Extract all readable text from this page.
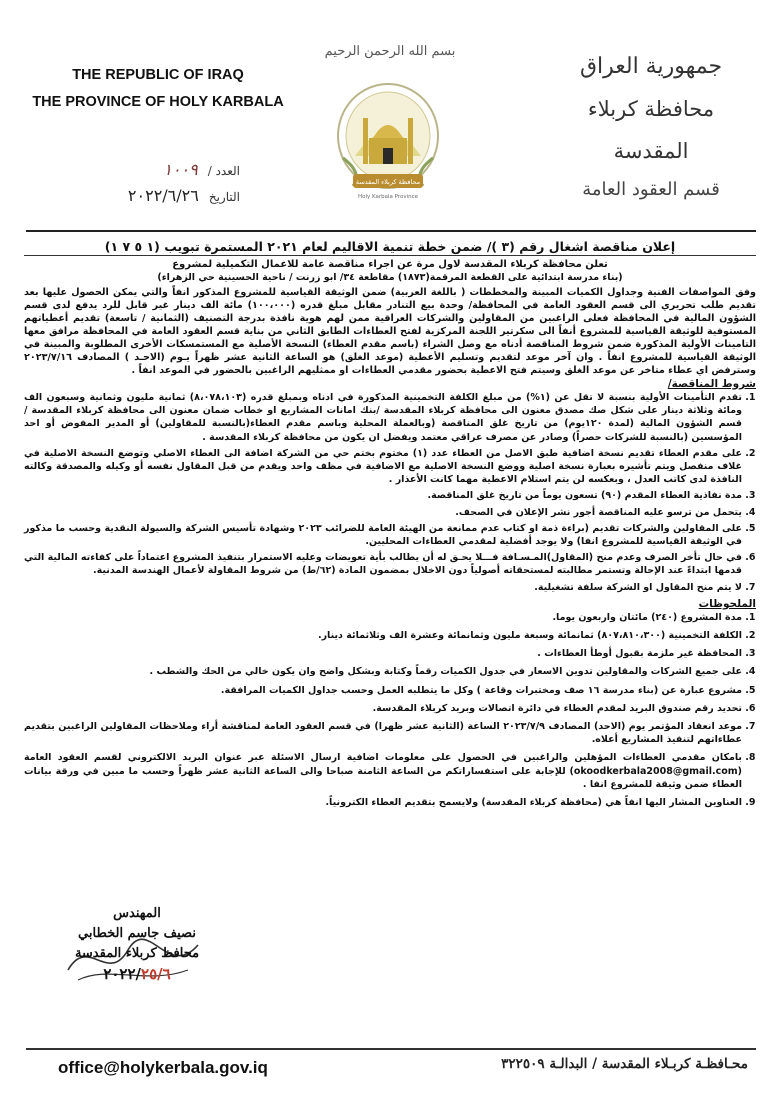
THE REPUBLIC OF IRAQ
THE PROVINCE OF HOLY KARBALA
بسم الله الرحمن الرحيم
محافظة كربلاء المقدسة
Holy Karbala Province
جمهورية العراق
محافظة كربلاء المقدسة
قسم العقود العامة
العدد /
١٠٠٩
التاريخ
٢٠٢٢/٦/٢٦
إعلان مناقصة اشغال رقم (٣ )/ ضمن خطة تنمية الاقاليم لعام ٢٠٢١ المستمرة تبويب (١ ٥ ٧ ١)

تعلن محافظة كربلاء المقدسة لاول مرة عن اجراء مناقصة عامة للاعمال التكميلية لمشروع

(بناء مدرسة ابتدائية على القطعة المرقمة(١٨٧٣) مقاطعة ٣٤/ ابو زرنت / ناحية الحسينية حي الزهراء)

وفق المواصفات الفنية وجداول الكميات المبينة والمخططات ( باللغة العربية) ضمن الوثيقة القياسية للمشروع المذكور انفاً والتي يمكن الحصول عليها بعد تقديم طلب تحريري الى قسم العقود العامة في المحافظة/ وحدة بيع التنادر مقابل مبلغ قدره (١٠٠،٠٠٠) مائة الف دينار غير قابل للرد يدفع لدى قسم الشؤون المالية في المحافظة فعلى الراغبين من المقاولين والشركات العراقية ممن لهم هوية نافذة بدرجة التصنيف (الثمانية / تاسعة) تقديم أعطياتهم المستوفية للوثيقة القياسية للمشروع أنفاً الى سكرتير اللجنة المركزية لفتح العطاءات الطابق الثاني من بناية قسم العقود العامة في المحافظة مرافق معها التامينات الأولية المذكورة ضمن شروط المناقصة أدناه مع وصل الشراء (باسم مقدم العطاء) النسخة الأصلية مع المستمسكات الأخرى المطلوبة والمبينة في الوثيقة القياسية للمشروع انفاً . وان آخر موعد لتقديم وتسليم الأعطية (موعد الغلق) هو الساعة الثانية عشر ظهراً يـوم (الاحـد ) المصادف ٢٠٢٣/٧/١٦ وسترفض اي عطاء متاخر عن موعد الغلق وسيتم فتح الاعطية بحضور مقدمي العطاءات او ممثليهم الراغبين بالحضور في الموعد انفاً .

شروط المناقصة/

1. تقدم التأمينات الأولية بنسبة لا تقل عن (١%) من مبلغ الكلفة التخمينية المذكورة في ادناه وبمبلغ قدره (٨،٠٧٨،١٠٣) ثمانية مليون وثمانية وسبعون الف ومائة وثلاثة دينار على شكل صك مصدق معنون الى محافظة كربلاء المقدسة /بنك امانات المشاريع او خطاب ضمان معنون الى محافظة كربلاء المقدسة / قسم الشؤون المالية (لمدة ١٢٠يوم) من تاريخ غلق المناقصة (وبالعملة المحلية وباسم مقدم العطاء(بالنسبة للمقاولين) أو المدير المفوض أو احد المؤسسين (بالنسبة للشركات حصراً) وصادر عن مصرف عراقي معتمد ويفضل ان يكون من محافظة كربلاء المقدسة .
2. على مقدم العطاء تقديم نسخة اضافية طبق الاصل من العطاء عدد (١) مختوم بختم حي من الشركة اضافة الى العطاء الاصلي وتوضع النسخة الاصلية في غلاف منفصل ويتم تأشيره بعبارة نسخة اصلية ووضع النسخة الاصلية مع الاضافية في مظف واحد ويقدم من قبل المقاول نفسه أو وكيله والمصدقة وكالته النافذة لدى كاتب العدل ، وبعكسه لن يتم استلام الاعطية مهما كانت الأعذار .
3. مدة نفاذية العطاء المقدم (٩٠) تسعون يوماً من تاريخ غلق المناقصة.
4. يتحمل من ترسو عليه المناقصة أجور نشر الإعلان في الصحف.
5. على المقاولين والشركات تقديم (براءة ذمة او كتاب عدم ممانعة من الهيئة العامة للضرائب ٢٠٢٣ وشهادة تأسيس الشركة والسيولة النقدية وحسب ما مذكور في الوثيقة القياسية للمشروع انفا) ولا يوجد أفضلية لمقدمي العطاءات المحليين.
6. في حال تأخر الصرف وعدم منح (المقاول)المـسـافة فـــلا يحـق له أن يطالب بأية تعويضات وعليه الاستمرار بتنفيذ المشروع اعتماداً على كفاءته المالية التي قدمها ابتداءً عند الإحالة وتستمر مطالبته لمستحقاته أصولياً دون الاخلال بمضمون المادة (٦٢/ط) من شروط المقاولة لأعمال الهندسة المدنية.
7. لا يتم منح المقاول او الشركة سلفة تشغيلية.

الملحوظات

1. مدة المشروع (٢٤٠) مائتان واربعون يوما.
2. الكلفة التخمينية (٨٠٧،٨١٠،٣٠٠) ثمانمائة وسبعة مليون وثمانمائة وعشرة الف وثلاثمائة دينار.
3. المحافظة غير ملزمة بقبول أوطأ العطاءات .
4. على جميع الشركات والمقاولين تدوين الاسعار في جدول الكميات رقماً وكتابة وبشكل واضح وان يكون خالي من الحك والشطب .
5. مشروع عبارة عن (بناء مدرسة ١٦ صف ومختبرات وقاعة ) وكل ما يتطلبه العمل وحسب جداول الكميات المرافقة.
6. تحديد رقم صندوق البريد لمقدم العطاء في دائرة اتصالات وبريد كربلاء المقدسة.
7. موعد انعقاد المؤتمر يوم (الاحد) المصادف ٢٠٢٣/٧/٩ الساعة (الثانية عشر ظهرا) في قسم العقود العامة لمناقشة أراء وملاحظات المقاولين الراغبين بتقديم عطاءاتهم لتنفيذ المشاريع أعلاه.
8. بامكان مقدمي العطاءات المؤهلين والراغبين في الحصول على معلومات اضافية ارسال الاسئلة عبر عنوان البريد الالكتروني لقسم العقود العامة (okoodkerbala2008@gmail.com) للإجابة على استفساراتكم من الساعة الثامنة صباحا والى الساعة الثانية عشر ظهراً وحسب ما مبين في ورقة بيانات العطاء ضمن وثيقة للمشروع انفا .
9. العناوين المشار اليها انفاً هي (محافظة كربلاء المقدسة) ولايسمح بتقديم العطاء الكترونياً.
المهندس
نصيف جاسم الخطابي
محافظ كربلاء المقدسة
٢٥/٦٢٠٢٢/
office@holykerbala.gov.iq	محـافظـة كربـلاء المقدسة / البدالـة ٣٢٢٥٠٩
